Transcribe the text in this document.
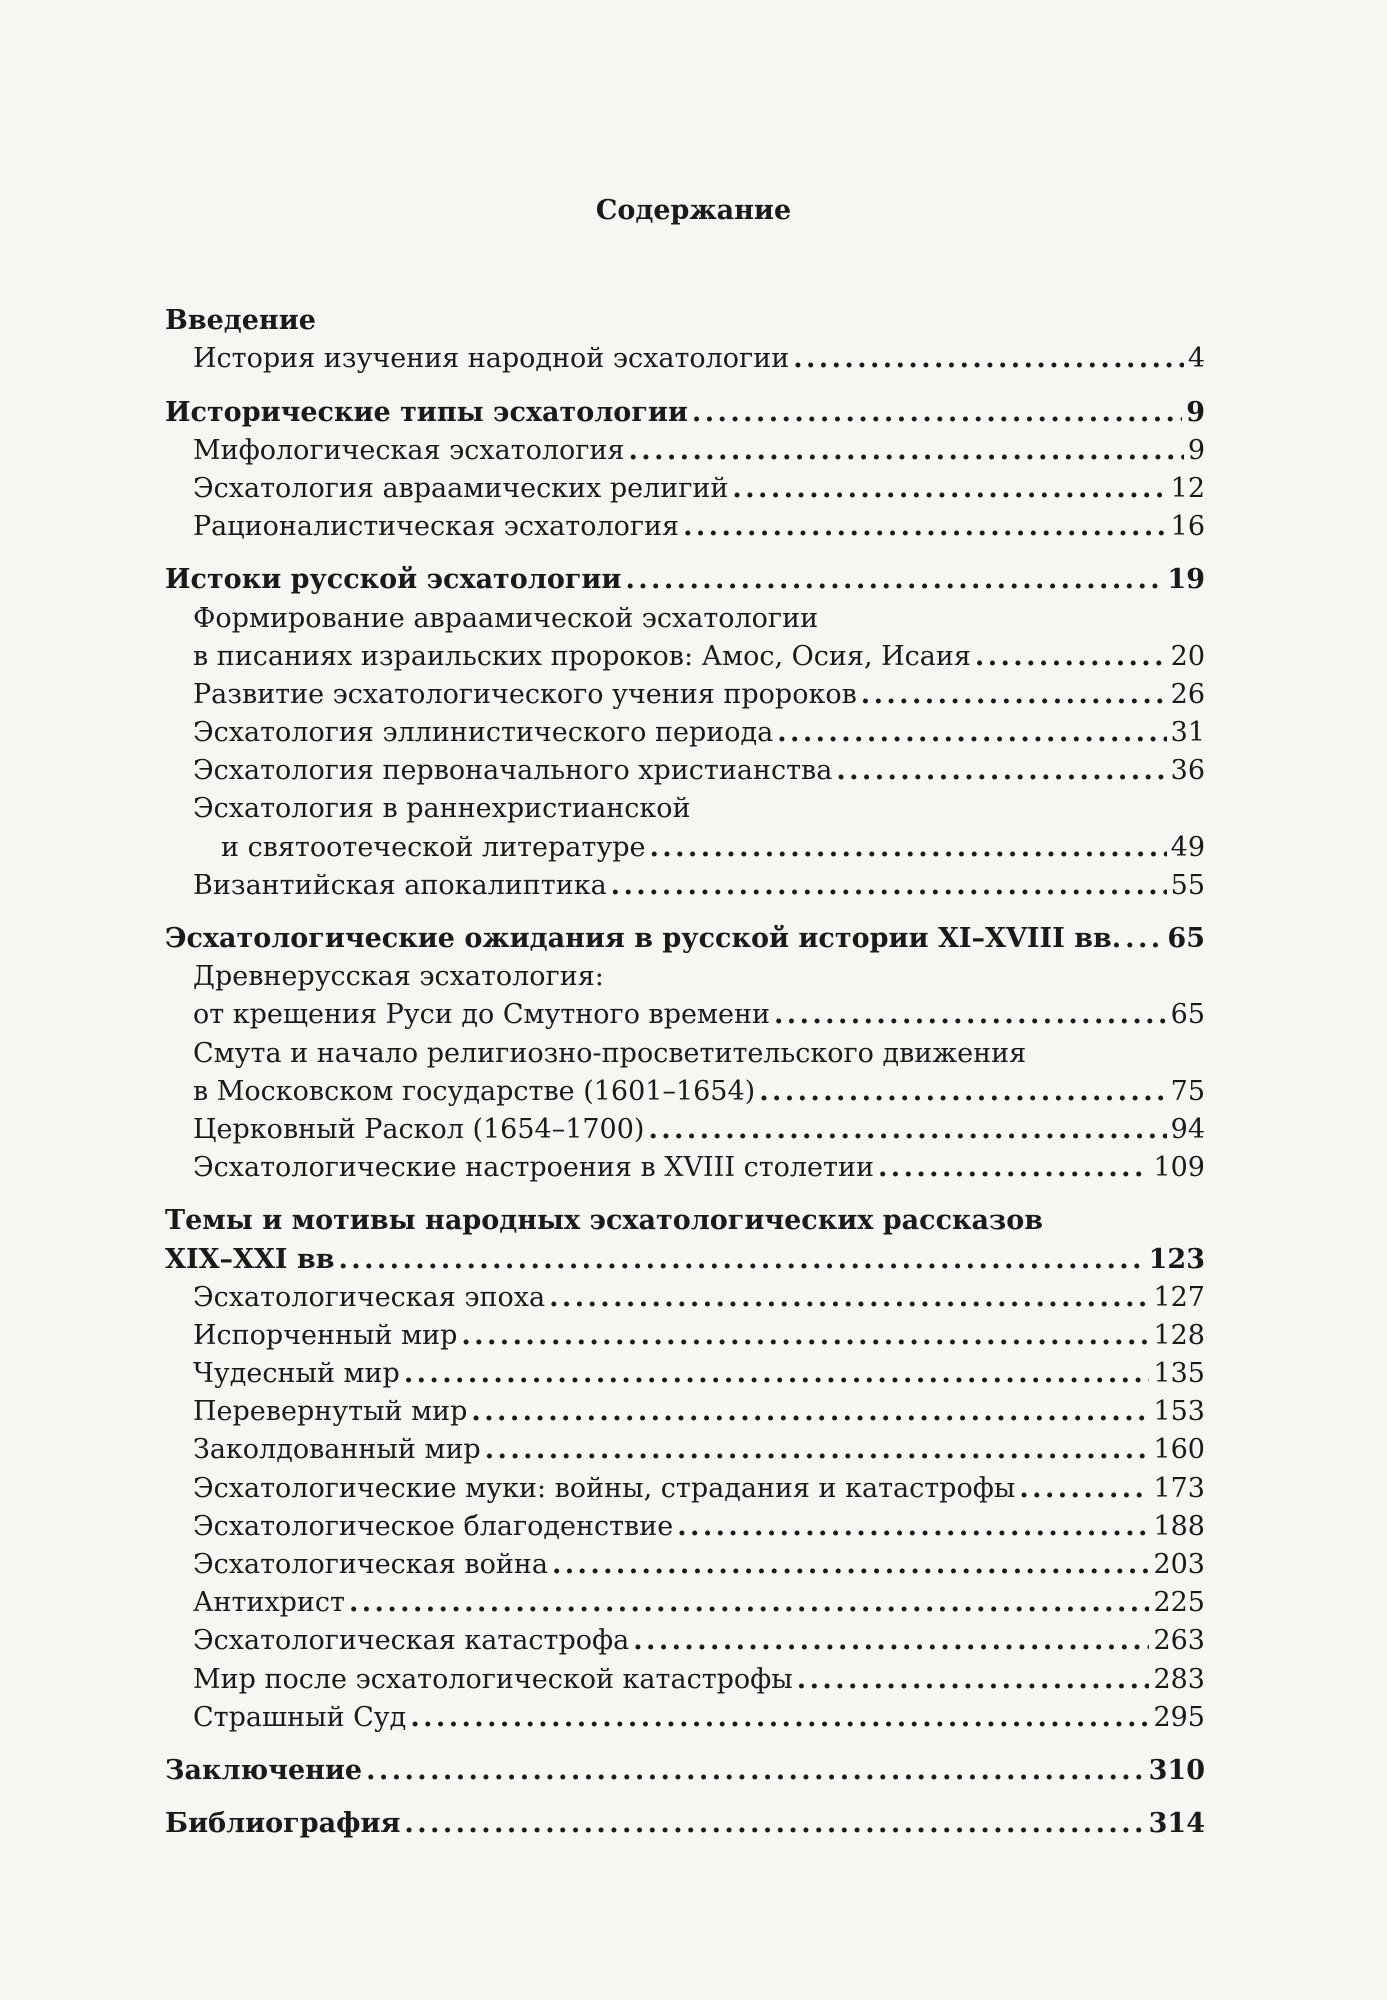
Содержание
Введение
История изучения народной эсхатологии . . .	4
Исторические типы эсхатологии . . .	9
Мифологическая эсхатология . . .	9
Эсхатология авраамических религий . . .	12
Рационалистическая эсхатология . . .	16
Истоки русской эсхатологии . . .	19
Формирование авраамической эсхатологии
в писаниях израильских пророков: Амос, Осия, Исаия . . .	20
Развитие эсхатологического учения пророков . . .	26
Эсхатология эллинистического периода . . .	31
Эсхатология первоначального христианства . . .	36
Эсхатология в раннехристианской
и святоотеческой литературе . . .	49
Византийская апокалиптика . . .	55
Эсхатологические ожидания в русской истории XI–XVIII вв. . . . 65
Древнерусская эсхатология:
от крещения Руси до Смутного времени . . .	65
Смута и начало религиозно-просветительского движения
в Московском государстве (1601–1654) . . .	75
Церковный Раскол (1654–1700) . . .	94
Эсхатологические настроения в XVIII столетии . . .	109
Темы и мотивы народных эсхатологических рассказов
XIX–XXI вв . . .	123
Эсхатологическая эпоха . . .	127
Испорченный мир . . .	128
Чудесный мир . . .	135
Перевернутый мир . . .	153
Заколдованный мир . . .	160
Эсхатологические муки: войны, страдания и катастрофы . . .	173
Эсхатологическое благоденствие . . .	188
Эсхатологическая война . . .	203
Антихрист . . .	225
Эсхатологическая катастрофа . . .	263
Мир после эсхатологической катастрофы . . .	283
Страшный Суд . . .	295
Заключение . . .	310
Библиография . . .	314
